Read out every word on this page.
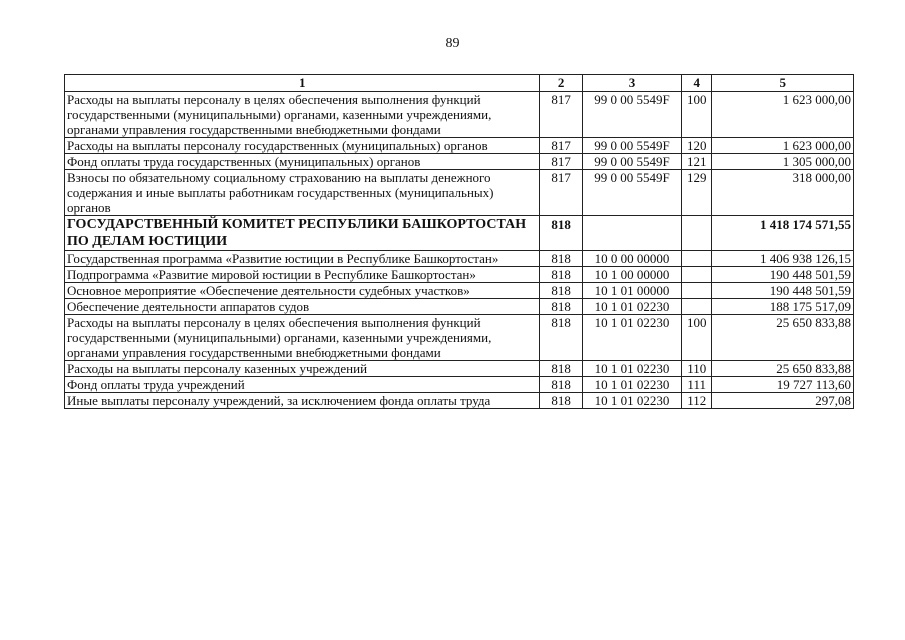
89
1	2	3	4	5
Расходы на выплаты персоналу в целях обеспечения выполнения функций государственными (муниципальными) органами, казенными учреждениями, органами управления государственными внебюджетными фондами	817	99 0 00 5549F	100	1 623 000,00
Расходы на выплаты персоналу государственных (муниципальных) органов	817	99 0 00 5549F	120	1 623 000,00
Фонд оплаты труда государственных (муниципальных) органов	817	99 0 00 5549F	121	1 305 000,00
Взносы по обязательному социальному страхованию на выплаты денежного содержания и иные выплаты работникам государственных (муниципальных) органов	817	99 0 00 5549F	129	318 000,00
ГОСУДАРСТВЕННЫЙ КОМИТЕТ РЕСПУБЛИКИ БАШКОРТОСТАН ПО ДЕЛАМ ЮСТИЦИИ	818			1 418 174 571,55
Государственная программа «Развитие юстиции в Республике Башкортостан»	818	10 0 00 00000		1 406 938 126,15
Подпрограмма «Развитие мировой юстиции в Республике Башкортостан»	818	10 1 00 00000		190 448 501,59
Основное мероприятие «Обеспечение деятельности судебных участков»	818	10 1 01 00000		190 448 501,59
Обеспечение деятельности аппаратов судов	818	10 1 01 02230		188 175 517,09
Расходы на выплаты персоналу в целях обеспечения выполнения функций государственными (муниципальными) органами, казенными учреждениями, органами управления государственными внебюджетными фондами	818	10 1 01 02230	100	25 650 833,88
Расходы на выплаты персоналу казенных учреждений	818	10 1 01 02230	110	25 650 833,88
Фонд оплаты труда учреждений	818	10 1 01 02230	111	19 727 113,60
Иные выплаты персоналу учреждений, за исключением фонда оплаты труда	818	10 1 01 02230	112	297,08
